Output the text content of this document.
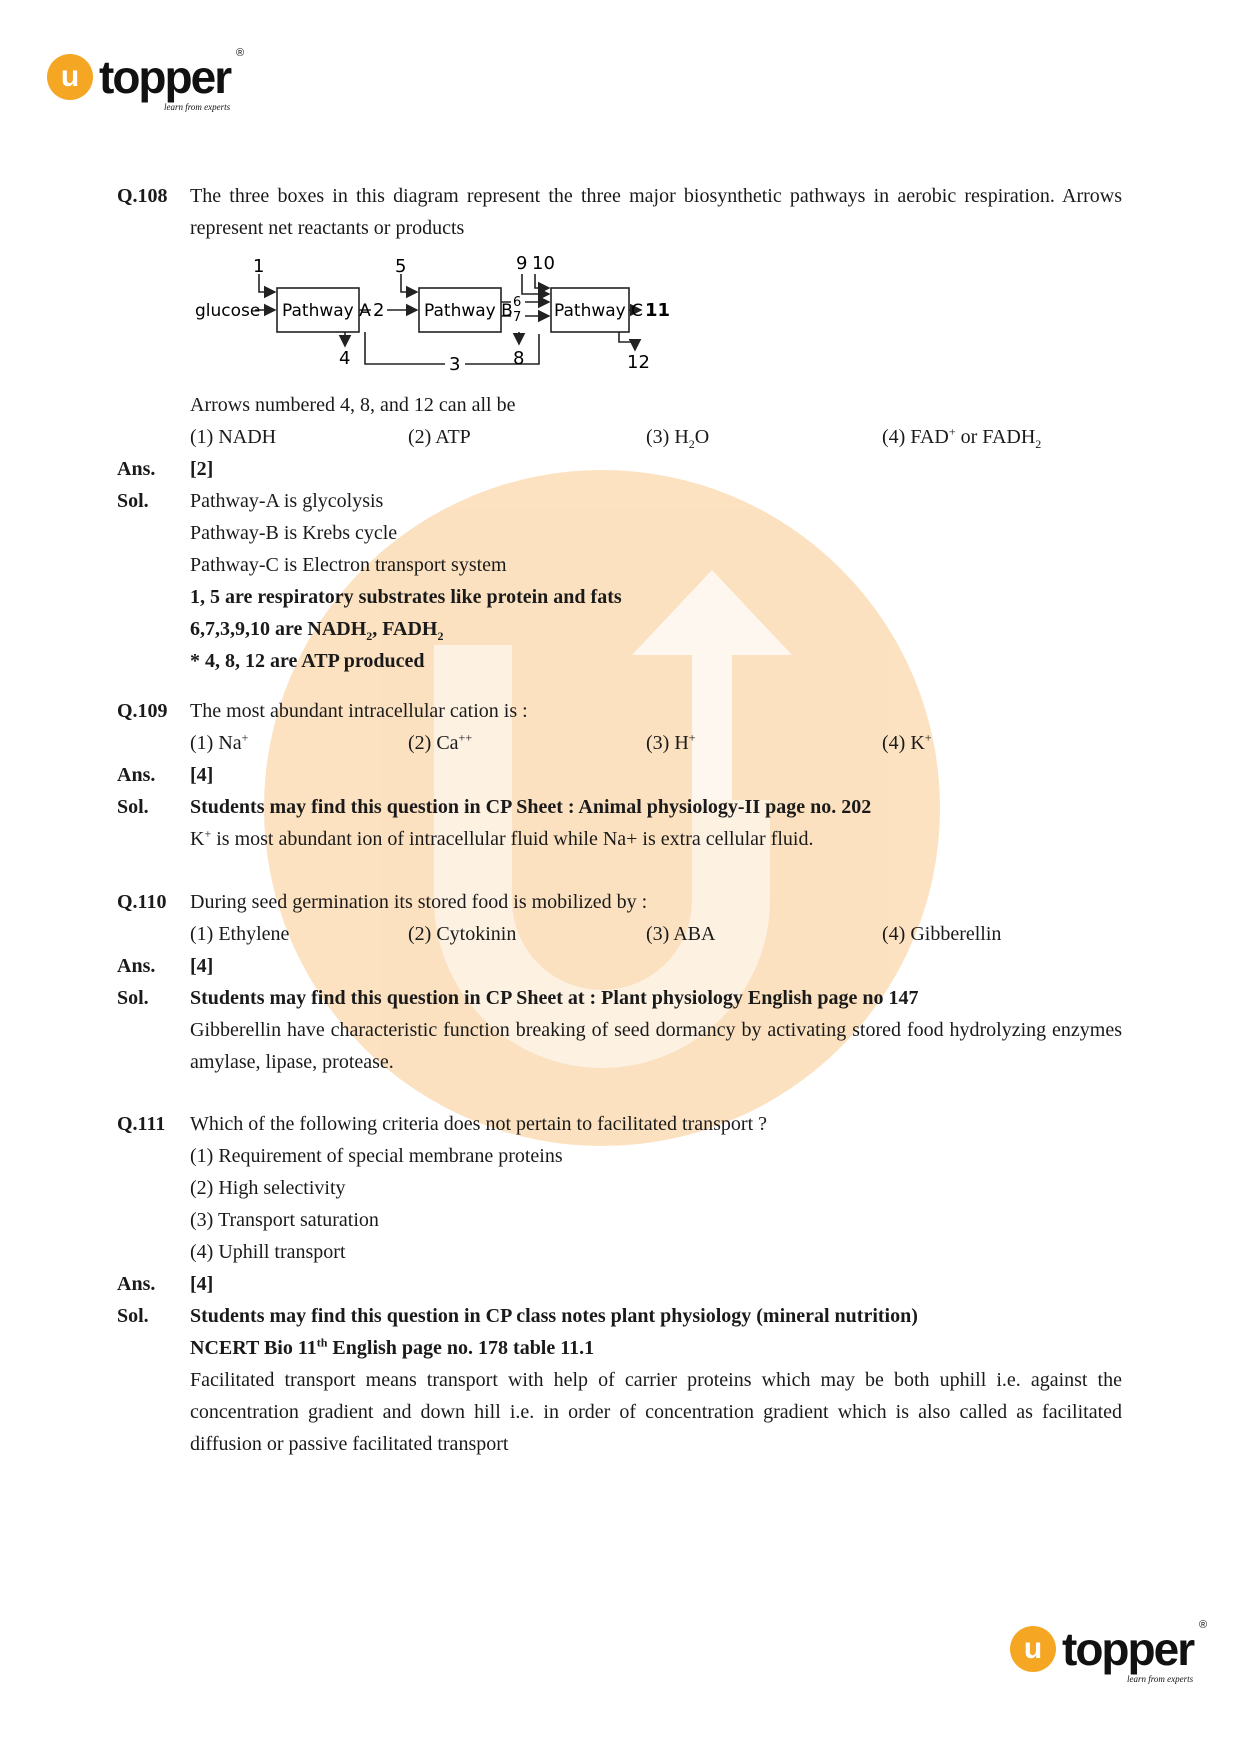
u topper ®
learn from experts
u topper ®
learn from experts
Q.108 The three boxes in this diagram represent the three major biosynthetic pathways in aerobic respiration. Arrows represent net reactants or products
glucose Pathway A	Pathway B Pathway C
1
2
3
4
5
6
7
8
9 10
11
12
Arrows numbered 4, 8, and 12 can all be
(1) NADH	(2) ATP	(3) $H_2O$	(4) FAD+ or $FADH_2$
Ans. [2]
Sol. Pathway-A is glycolysis
Pathway-B is Krebs cycle
Pathway-C is Electron transport system
1, 5 are respiratory substrates like protein and fats
6,7,3,9,10 are $NADH_2$, $FADH_2$
* 4, 8, 12 are ATP produced
Q.109 The most abundant intracellular cation is :
(1) Na+	(2) Ca++	(3) H+	(4) K+
Ans. [4]
Sol. Students may find this question in CP Sheet : Animal physiology-II page no. 202
K+ is most abundant ion of intracellular fluid while Na+ is extra cellular fluid.
Q.110 During seed germination its stored food is mobilized by :
(1) Ethylene	(2) Cytokinin	(3) ABA	(4) Gibberellin
Ans. [4]
Sol. Students may find this question in CP Sheet at : Plant physiology English page no 147
Gibberellin have characteristic function breaking of seed dormancy by activating stored food hydrolyzing enzymes amylase, lipase, protease.
Q.111 Which of the following criteria does not pertain to facilitated transport ?
(1) Requirement of special membrane proteins
(2) High selectivity
(3) Transport saturation
(4) Uphill transport
Ans. [4]
Sol. Students may find this question in CP class notes plant physiology (mineral nutrition)
NCERT Bio 11th English page no. 178 table 11.1
Facilitated transport means transport with help of carrier proteins which may be both uphill i.e. against the concentration gradient and down hill i.e. in order of concentration gradient which is also called as facilitated diffusion or passive facilitated transport
